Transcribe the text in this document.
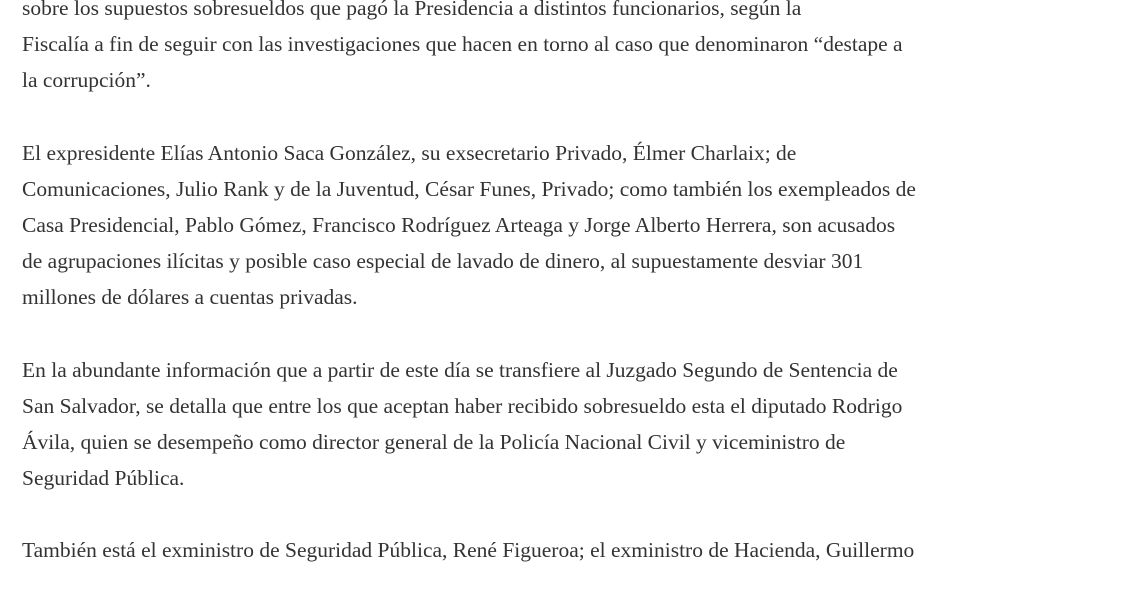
sobre los supuestos sobresueldos que pagó la Presidencia a distintos funcionarios, según la
Fiscalía a fin de seguir con las investigaciones que hacen en torno al caso que denominaron “destape a
la corrupción”.

El expresidente Elías Antonio Saca González, su exsecretario Privado, Élmer Charlaix; de
Comunicaciones, Julio Rank y de la Juventud, César Funes, Privado; como también los exempleados de
Casa Presidencial, Pablo Gómez, Francisco Rodríguez Arteaga y Jorge Alberto Herrera, son acusados
de agrupaciones ilícitas y posible caso especial de lavado de dinero, al supuestamente desviar 301
millones de dólares a cuentas privadas.

En la abundante información que a partir de este día se transfiere al Juzgado Segundo de Sentencia de
San Salvador, se detalla que entre los que aceptan haber recibido sobresueldo esta el diputado Rodrigo
Ávila, quien se desempeño como director general de la Policía Nacional Civil y viceministro de
Seguridad Pública.

También está el exministro de Seguridad Pública, René Figueroa; el exministro de Hacienda, Guillermo
